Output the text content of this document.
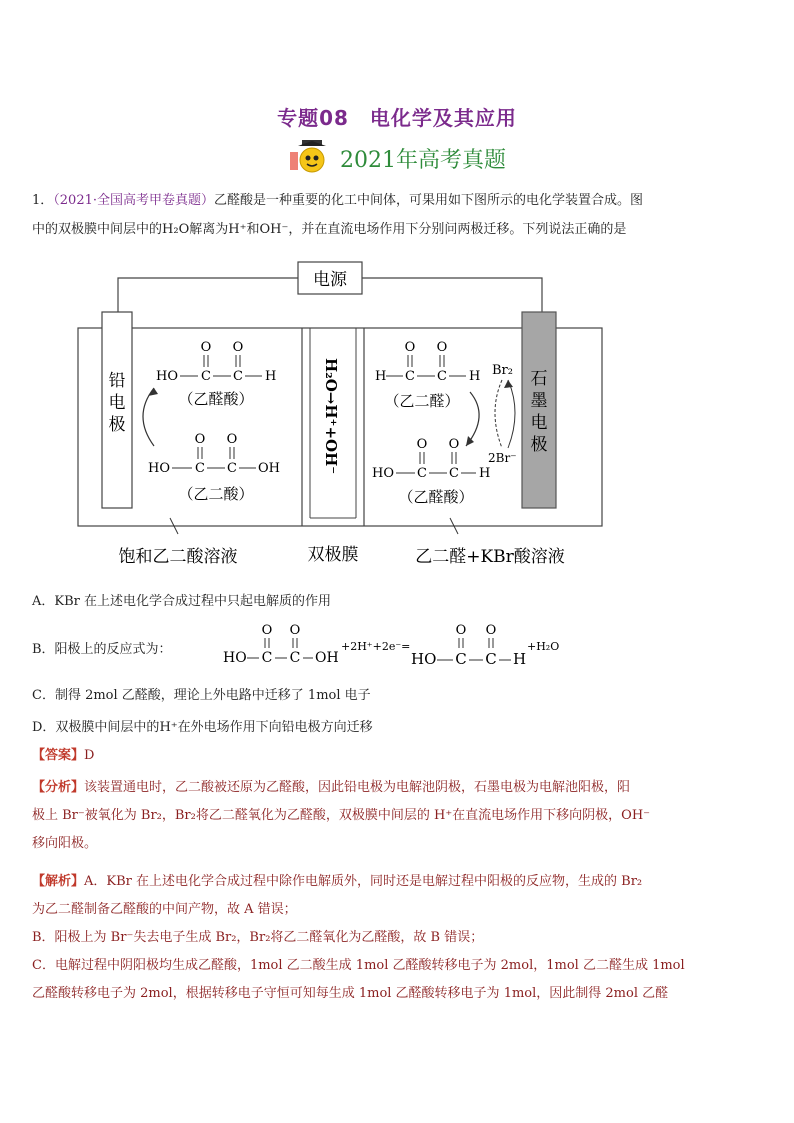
专题08　电化学及其应用
2021年高考真题
1．（2021·全国高考甲卷真题）乙醛酸是一种重要的化工中间体，可果用如下图所示的电化学装置合成。图
中的双极膜中间层中的H₂O解离为H⁺和OH⁻，并在直流电场作用下分别问两极迁移。下列说法正确的是
电源
铅
电
极
石
墨
电
极
H₂O→H⁺+OH⁻
O O
HO C C H
（乙醛酸）
O O
HO C C OH
（乙二酸）
O O
H C C H
（乙二醛）
Br₂
2Br⁻
O O
HO C C H
（乙醛酸）
饱和乙二酸溶液	双极膜	乙二醛+KBr酸溶液
A．KBr 在上述电化学合成过程中只起电解质的作用
B．阳极上的反应式为：
O O
HO C C OH
+2H⁺+2e⁻=
O O
HO C C H
+H₂O
C．制得 2mol 乙醛酸，理论上外电路中迁移了 1mol 电子
D．双极膜中间层中的H⁺在外电场作用下向铅电极方向迁移
【答案】D
【分析】该装置通电时，乙二酸被还原为乙醛酸，因此铅电极为电解池阴极，石墨电极为电解池阳极，阳
极上 Br⁻被氧化为 Br₂，Br₂将乙二醛氧化为乙醛酸，双极膜中间层的 H⁺在直流电场作用下移向阴极，OH⁻
移向阳极。
【解析】A．KBr 在上述电化学合成过程中除作电解质外，同时还是电解过程中阳极的反应物，生成的 Br₂
为乙二醛制备乙醛酸的中间产物，故 A 错误；
B．阳极上为 Br⁻失去电子生成 Br₂，Br₂将乙二醛氧化为乙醛酸，故 B 错误；
C．电解过程中阴阳极均生成乙醛酸，1mol 乙二酸生成 1mol 乙醛酸转移电子为 2mol，1mol 乙二醛生成 1mol
乙醛酸转移电子为 2mol，根据转移电子守恒可知每生成 1mol 乙醛酸转移电子为 1mol，因此制得 2mol 乙醛
